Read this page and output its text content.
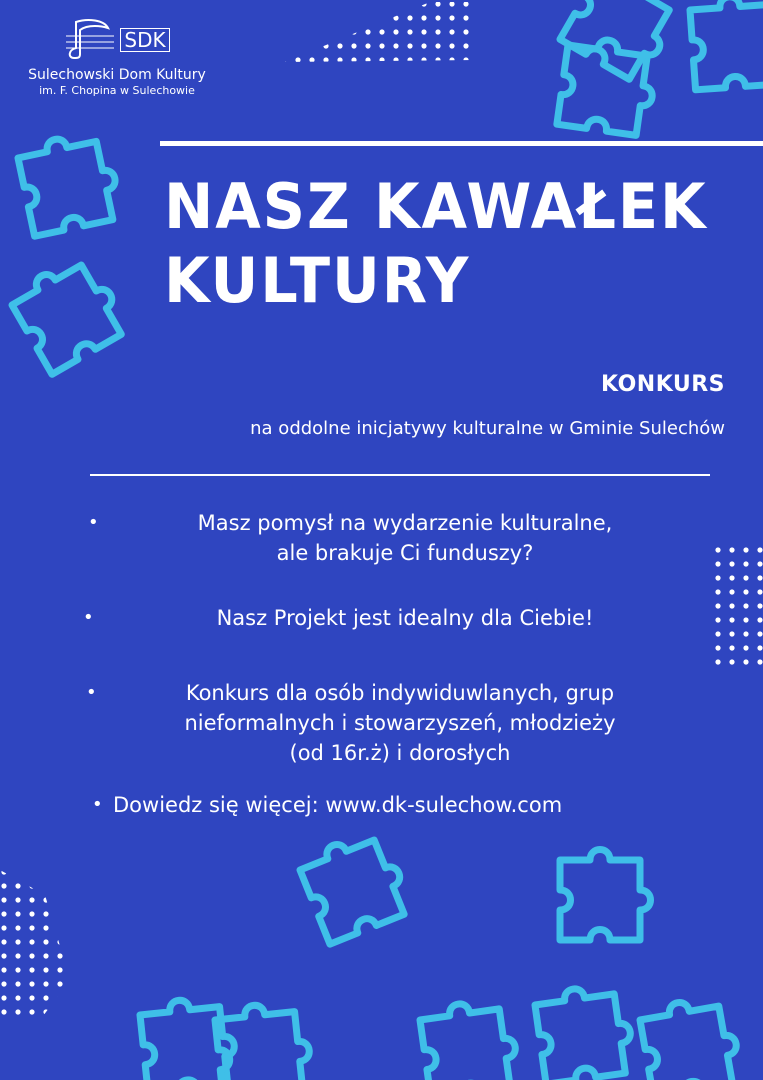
SDK
Sulechowski Dom Kultury
im. F. Chopina w Sulechowie
NASZ KAWAŁEK
KULTURY
KONKURS
na oddolne inicjatywy kulturalne w Gminie Sulechów
•	Masz pomysł na wydarzenie kulturalne,
ale brakuje Ci funduszy?
•	Nasz Projekt jest idealny dla Ciebie!
•	Konkurs dla osób indywiduwlanych, grup
nieformalnych i stowarzyszeń, młodzieży
(od 16r.ż) i dorosłych
• Dowiedz się więcej: www.dk-sulechow.com
